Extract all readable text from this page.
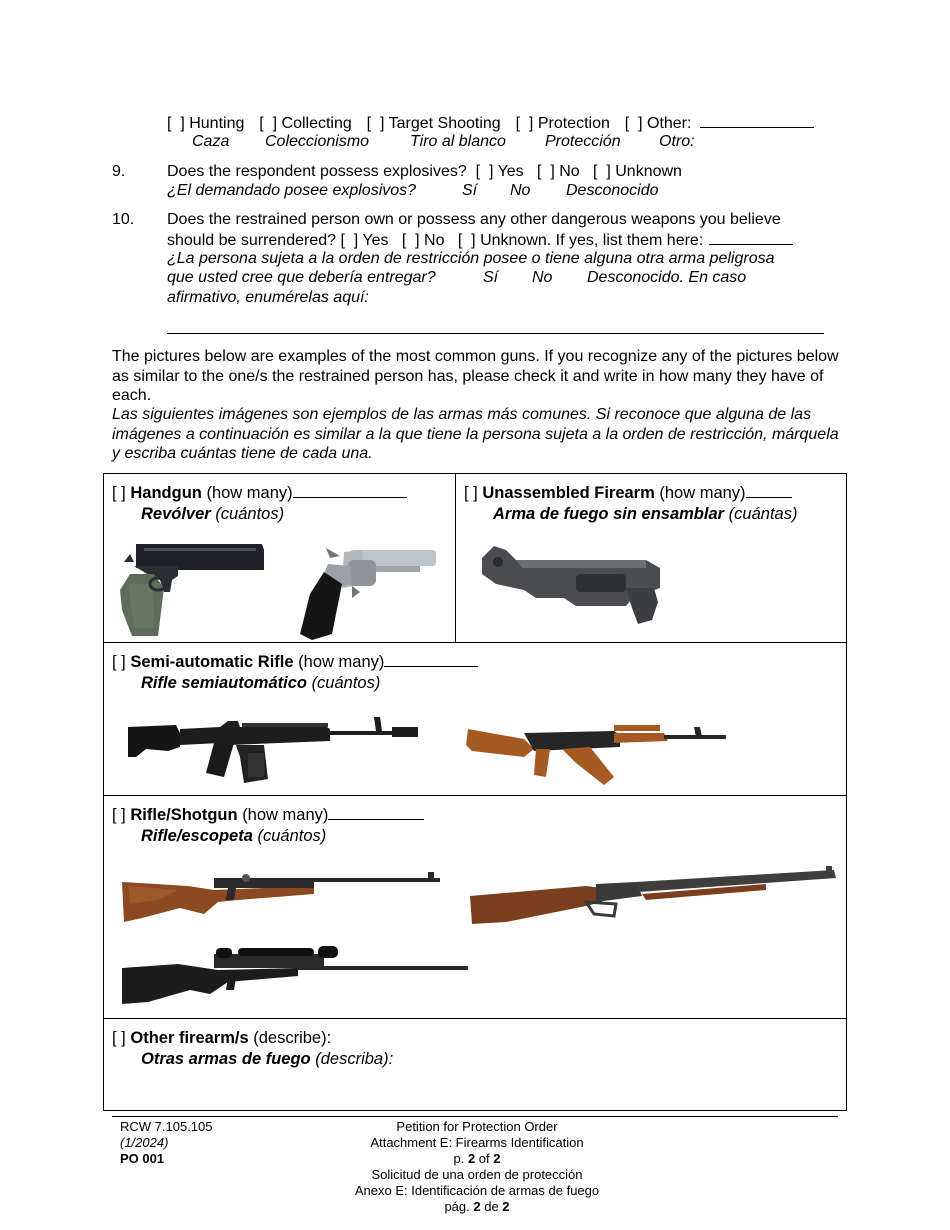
[  ] Hunting [  ] Collecting [  ] Target Shooting [  ] Protection [  ] Other:
Caza Coleccionismo	Tiro al blanco Protección Otro:
9.	Does the respondent possess explosives?  [  ] Yes   [  ] No   [  ] Unknown
¿El demandado posee explosivos?	Sí No Desconocido
10. Does the restrained person own or possess any other dangerous weapons you believe
should be surrendered? [  ] Yes   [  ] No   [  ] Unknown. If yes, list them here:
¿La persona sujeta a la orden de restricción posee o tiene alguna otra arma peligrosa
que usted cree que debería entregar?	Sí No Desconocido. En caso
afirmativo, enumérelas aquí:
The pictures below are examples of the most common guns. If you recognize any of the pictures below as similar to the one/s the restrained person has, please check it and write in how many they have of each.
Las siguientes imágenes son ejemplos de las armas más comunes. Si reconoce que alguna de las imágenes a continuación es similar a la que tiene la persona sujeta a la orden de restricción, márquela y escriba cuántas tiene de cada una.
[ ] Handgun (how many)
Revólver (cuántos)

[ ] Unassembled Firearm (how many)
Arma de fuego sin ensamblar (cuántas)

[ ] Semi-automatic Rifle (how many)
Rifle semiautomático (cuántos)

[ ] Rifle/Shotgun (how many)
Rifle/escopeta (cuántos)

[ ] Other firearm/s (describe):
Otras armas de fuego (describa):
RCW 7.105.105
(1/2024)
PO 001
Petition for Protection Order
Attachment E: Firearms Identification
p. 2 of 2
Solicitud de una orden de protección
Anexo E: Identificación de armas de fuego
pág. 2 de 2
